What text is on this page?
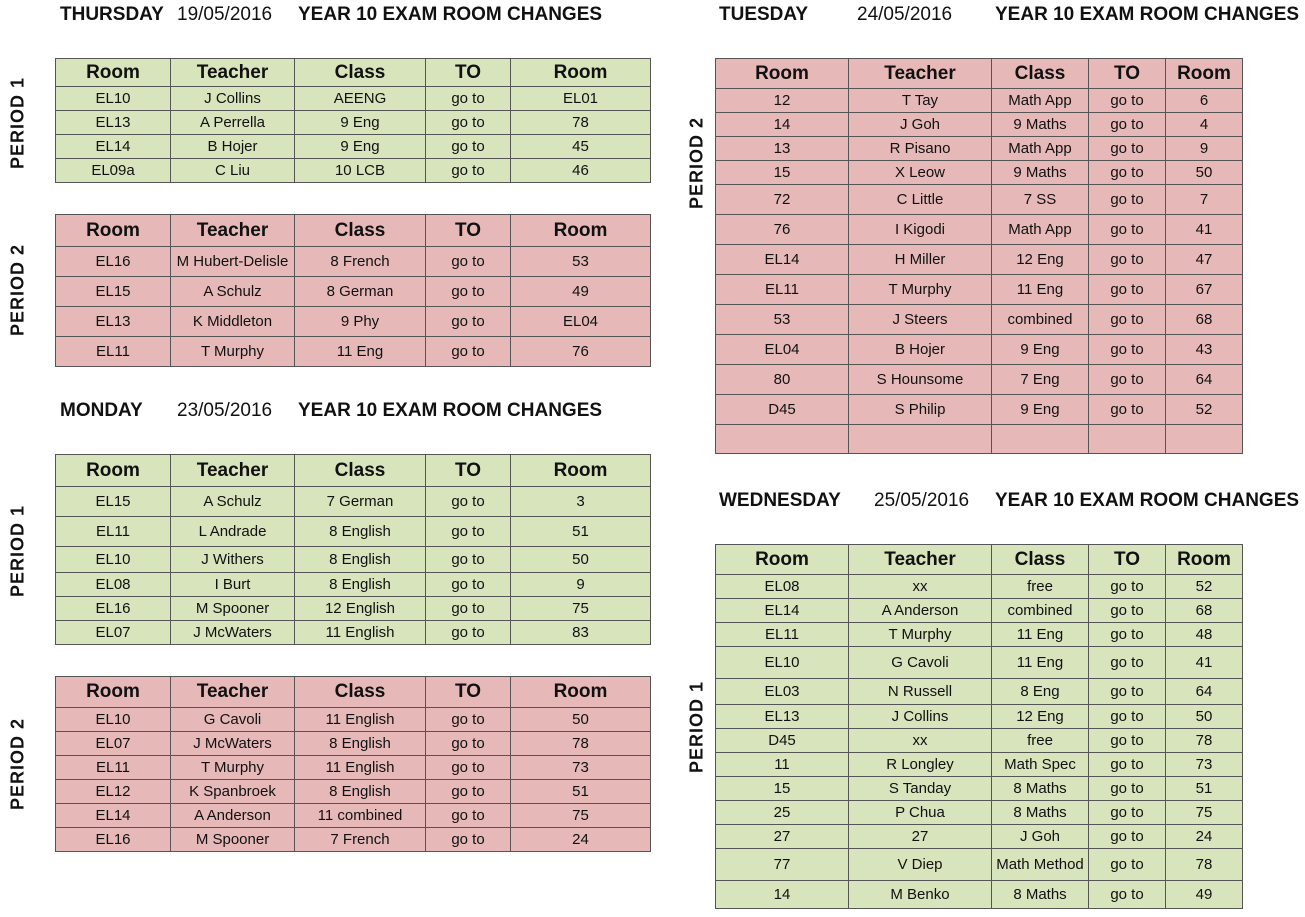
THURSDAY 19/05/2016 YEAR 10 EXAM ROOM CHANGES
PERIOD 1
Room	Teacher	Class	TO	Room
EL10	J Collins	AEENG	go to	EL01
EL13	A Perrella	9 Eng	go to	78
EL14	B Hojer	9 Eng	go to	45
EL09a	C Liu	10 LCB	go to	46
PERIOD 2
Room	Teacher	Class	TO	Room
EL16	M Hubert-Delisle	8 French	go to	53
EL15	A Schulz	8 German	go to	49
EL13	K Middleton	9 Phy	go to	EL04
EL11	T Murphy	11 Eng	go to	76
MONDAY 23/05/2016 YEAR 10 EXAM ROOM CHANGES
PERIOD 1
Room	Teacher	Class	TO	Room
EL15	A Schulz	7 German	go to	3
EL11	L Andrade	8 English	go to	51
EL10	J Withers	8 English	go to	50
EL08	I Burt	8 English	go to	9
EL16	M Spooner	12 English	go to	75
EL07	J McWaters	11 English	go to	83
PERIOD 2
Room	Teacher	Class	TO	Room
EL10	G Cavoli	11 English	go to	50
EL07	J McWaters	8 English	go to	78
EL11	T Murphy	11 English	go to	73
EL12	K Spanbroek	8 English	go to	51
EL14	A Anderson	11 combined	go to	75
EL16	M Spooner	7 French	go to	24
TUESDAY	24/05/2016 YEAR 10 EXAM ROOM CHANGES
PERIOD 2
Room	Teacher	Class	TO	Room
12	T Tay	Math App	go to	6
14	J Goh	9 Maths	go to	4
13	R Pisano	Math App	go to	9
15	X Leow	9 Maths	go to	50
72	C Little	7 SS	go to	7
76	I Kigodi	Math App	go to	41
EL14	H Miller	12 Eng	go to	47
EL11	T Murphy	11 Eng	go to	67
53	J Steers	combined	go to	68
EL04	B Hojer	9 Eng	go to	43
80	S Hounsome	7 Eng	go to	64
D45	S Philip	9 Eng	go to	52

WEDNESDAY 25/05/2016 YEAR 10 EXAM ROOM CHANGES
PERIOD 1
Room	Teacher	Class	TO	Room
EL08	xx	free	go to	52
EL14	A Anderson	combined	go to	68
EL11	T Murphy	11 Eng	go to	48
EL10	G Cavoli	11 Eng	go to	41
EL03	N Russell	8 Eng	go to	64
EL13	J Collins	12 Eng	go to	50
D45	xx	free	go to	78
11	R Longley	Math Spec	go to	73
15	S Tanday	8 Maths	go to	51
25	P Chua	8 Maths	go to	75
27	27	J Goh	go to	24
77	V Diep	Math Method	go to	78
14	M Benko	8 Maths	go to	49
